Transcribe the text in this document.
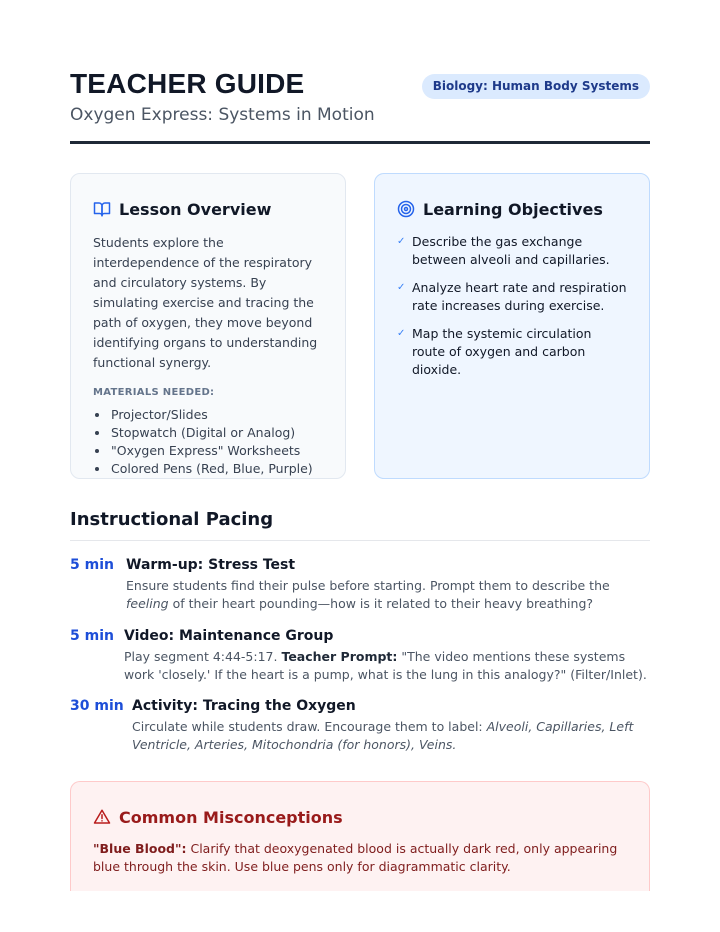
TEACHER GUIDE
Oxygen Express: Systems in Motion
Biology: Human Body Systems
Lesson Overview

Students explore the interdependence of the respiratory and circulatory systems. By simulating exercise and tracing the path of oxygen, they move beyond identifying organs to understanding functional synergy.

MATERIALS NEEDED:
Projector/Slides
Stopwatch (Digital or Analog)
"Oxygen Express" Worksheets
Colored Pens (Red, Blue, Purple)
Learning Objectives
✓ Describe the gas exchange between alveoli and capillaries.
✓ Analyze heart rate and respiration rate increases during exercise.
✓ Map the systemic circulation route of oxygen and carbon dioxide.
Instructional Pacing
5 min Warm-up: Stress Test
Ensure students find their pulse before starting. Prompt them to describe the feeling of their heart pounding—how is it related to their heavy breathing?
5 min Video: Maintenance Group
Play segment 4:44-5:17. Teacher Prompt: "The video mentions these systems work 'closely.' If the heart is a pump, what is the lung in this analogy?" (Filter/Inlet).
30 min Activity: Tracing the Oxygen
Circulate while students draw. Encourage them to label: Alveoli, Capillaries, Left Ventricle, Arteries, Mitochondria (for honors), Veins.
Common Misconceptions

"Blue Blood": Clarify that deoxygenated blood is actually dark red, only appearing blue through the skin. Use blue pens only for diagrammatic clarity.
